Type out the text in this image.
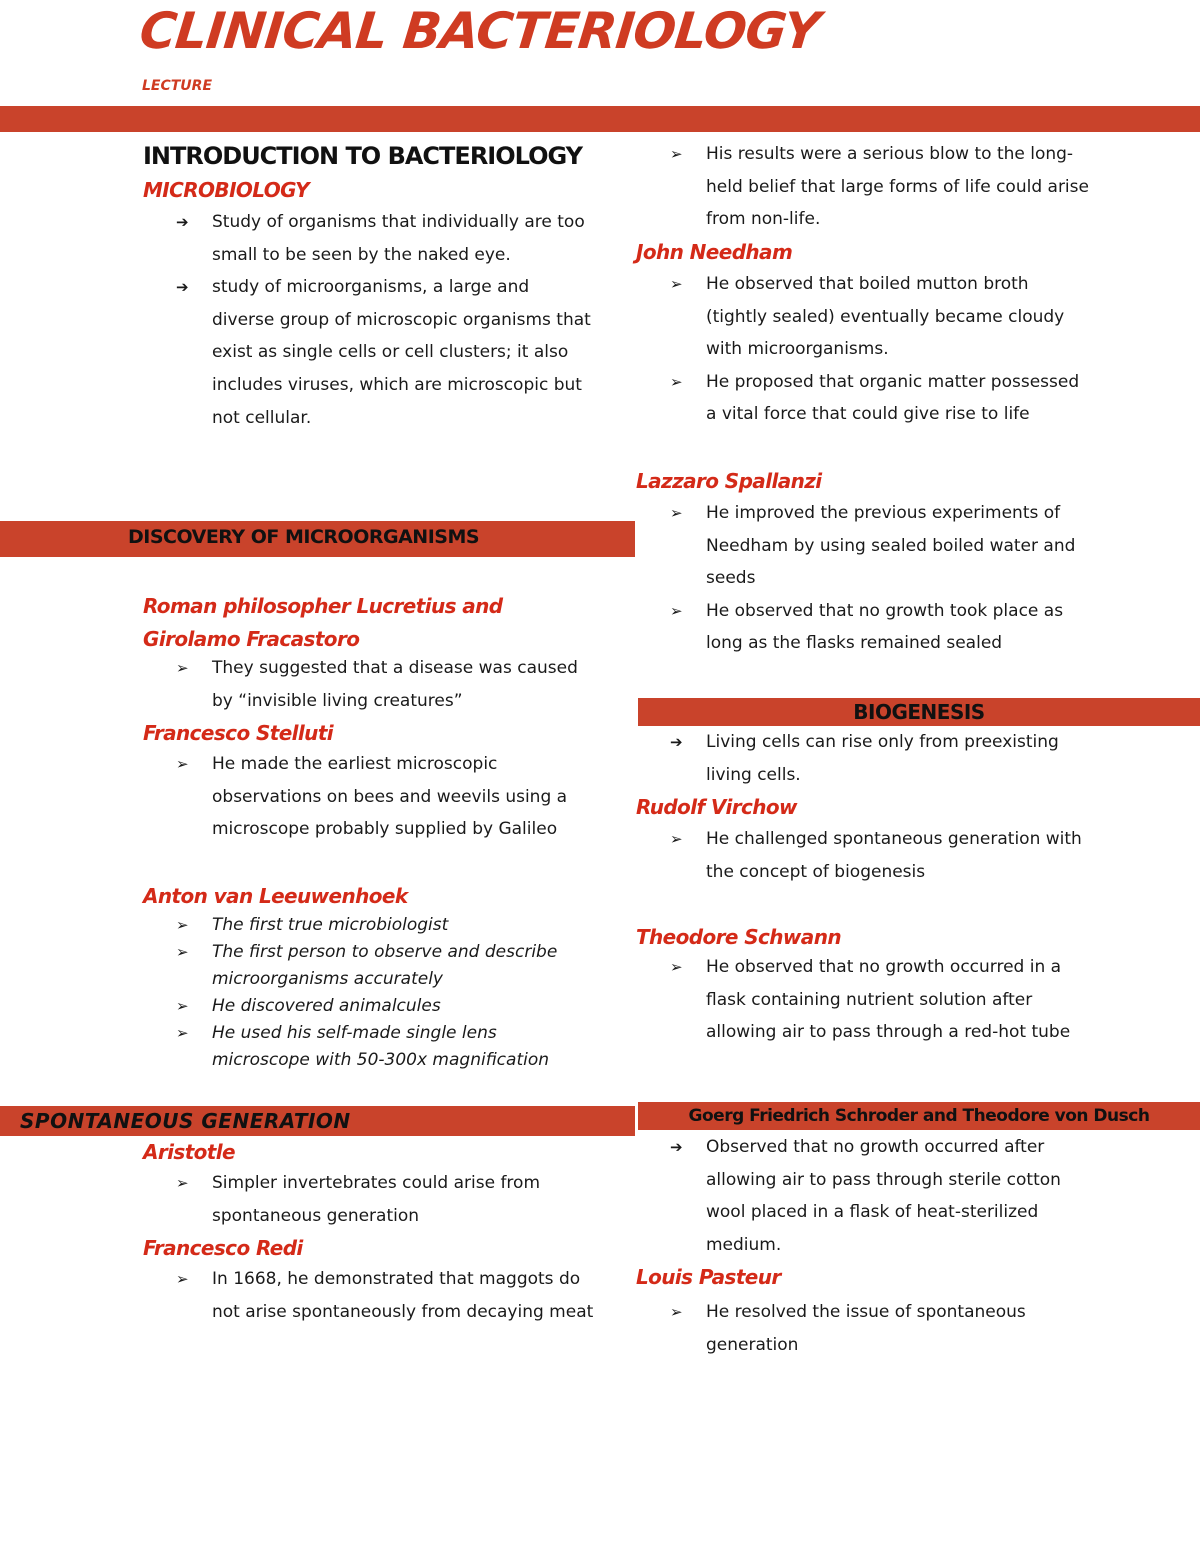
CLINICAL BACTERIOLOGY
LECTURE
INTRODUCTION TO BACTERIOLOGY
MICROBIOLOGY
➔	Study of organisms that individually are too small to be seen by the naked eye.
➔	study of microorganisms, a large and diverse group of microscopic organisms that exist as single cells or cell clusters; it also includes viruses, which are microscopic but not cellular.
DISCOVERY OF MICROORGANISMS
Roman philosopher Lucretius and Girolamo Fracastoro
➢	They suggested that a disease was caused by “invisible living creatures”
Francesco Stelluti
➢	He made the earliest microscopic observations on bees and weevils using a microscope probably supplied by Galileo
Anton van Leeuwenhoek
➢	The first true microbiologist
➢	The first person to observe and describe microorganisms accurately
➢	He discovered animalcules
➢	He used his self-made single lens microscope with 50-300x magnification
SPONTANEOUS GENERATION
Aristotle
➢	Simpler invertebrates could arise from spontaneous generation
Francesco Redi
➢	In 1668, he demonstrated that maggots do not arise spontaneously from decaying meat
➢	His results were a serious blow to the long-held belief that large forms of life could arise from non-life.
John Needham
➢	He observed that boiled mutton broth (tightly sealed) eventually became cloudy with microorganisms.
➢	He proposed that organic matter possessed a vital force that could give rise to life
Lazzaro Spallanzi
➢	He improved the previous experiments of Needham by using sealed boiled water and seeds
➢	He observed that no growth took place as long as the flasks remained sealed
BIOGENESIS
➔	Living cells can rise only from preexisting living cells.
Rudolf Virchow
➢	He challenged spontaneous generation with the concept of biogenesis
Theodore Schwann
➢	He observed that no growth occurred in a flask containing nutrient solution after allowing air to pass through a red-hot tube
Goerg Friedrich Schroder and Theodore von Dusch
➔	Observed that no growth occurred after allowing air to pass through sterile cotton wool placed in a flask of heat-sterilized medium.
Louis Pasteur
➢	He resolved the issue of spontaneous generation
